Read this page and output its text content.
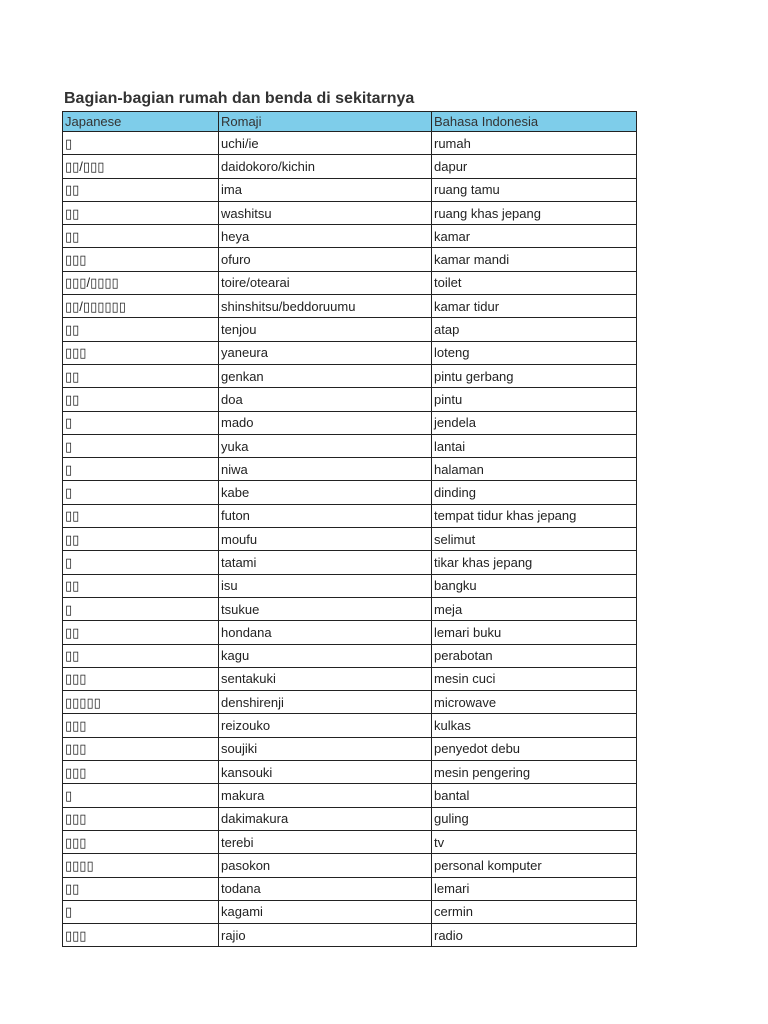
Bagian-bagian rumah dan benda di sekitarnya
Japanese	Romaji	Bahasa Indonesia
▯	uchi/ie	rumah
▯▯/▯▯▯	daidokoro/kichin	dapur
▯▯	ima	ruang tamu
▯▯	washitsu	ruang khas jepang
▯▯	heya	kamar
▯▯▯	ofuro	kamar mandi
▯▯▯/▯▯▯▯	toire/otearai	toilet
▯▯/▯▯▯▯▯▯	shinshitsu/beddoruumu	kamar tidur
▯▯	tenjou	atap
▯▯▯	yaneura	loteng
▯▯	genkan	pintu gerbang
▯▯	doa	pintu
▯	mado	jendela
▯	yuka	lantai
▯	niwa	halaman
▯	kabe	dinding
▯▯	futon	tempat tidur khas jepang
▯▯	moufu	selimut
▯	tatami	tikar khas jepang
▯▯	isu	bangku
▯	tsukue	meja
▯▯	hondana	lemari buku
▯▯	kagu	perabotan
▯▯▯	sentakuki	mesin cuci
▯▯▯▯▯	denshirenji	microwave
▯▯▯	reizouko	kulkas
▯▯▯	soujiki	penyedot debu
▯▯▯	kansouki	mesin pengering
▯	makura	bantal
▯▯▯	dakimakura	guling
▯▯▯	terebi	tv
▯▯▯▯	pasokon	personal komputer
▯▯	todana	lemari
▯	kagami	cermin
▯▯▯	rajio	radio
